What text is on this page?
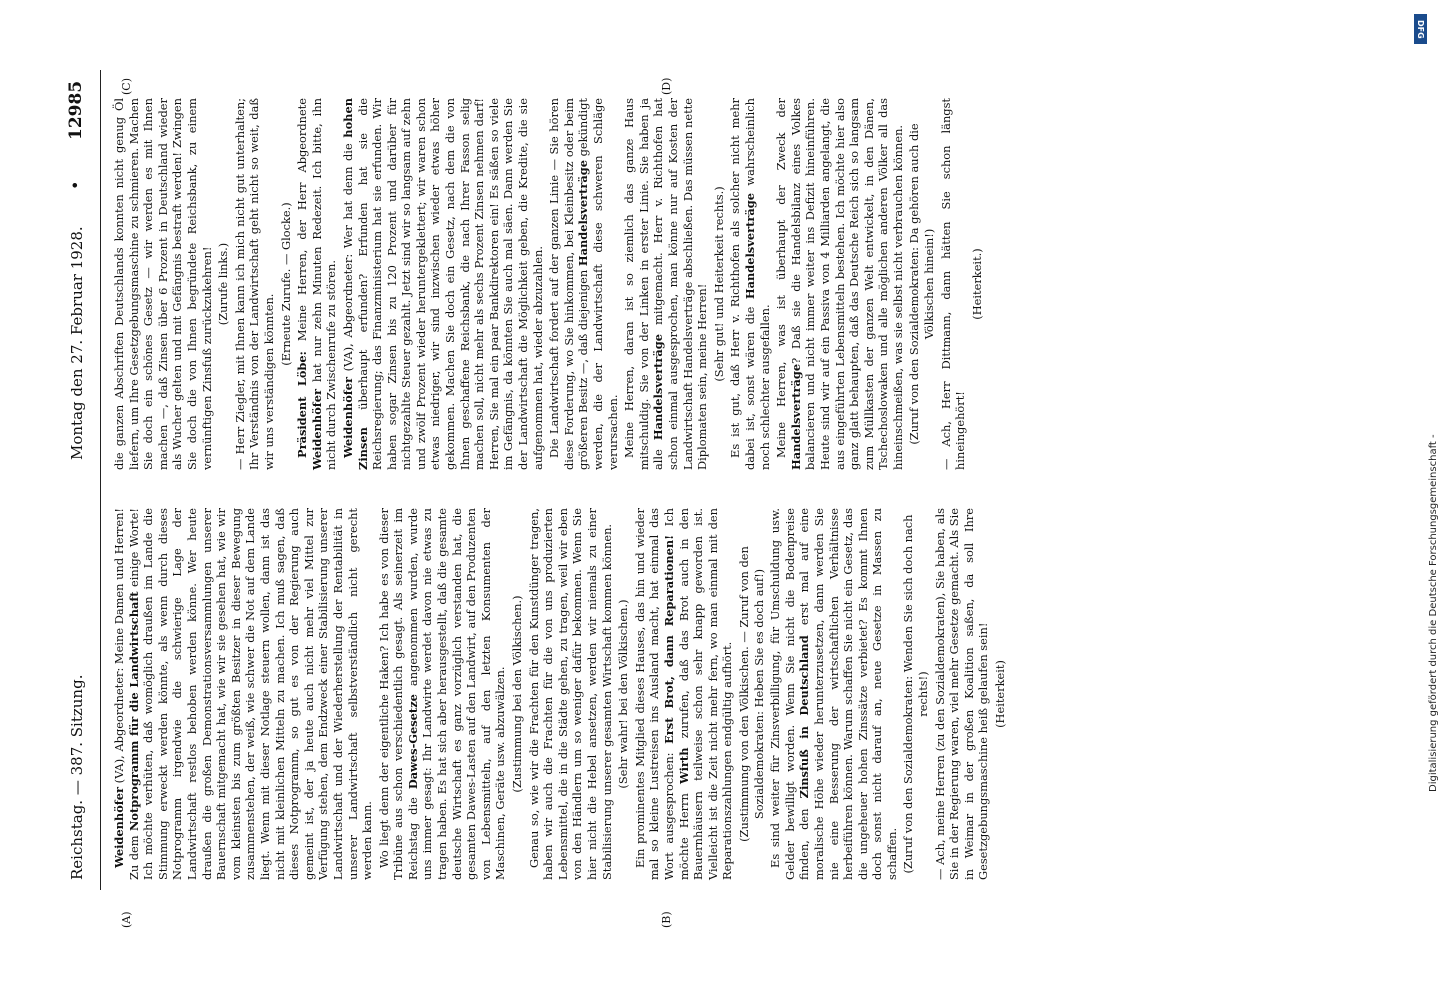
Reichstag. — 387. Sitzung.
Montag den 27. Februar 1928.
•
12985
(A)	(B)
(C)	(D)

Weidenhöfer (VA), Abgeordneter: Meine Damen und Herren! Zu dem Notprogramm für die Landwirtschaft einige Worte! Ich möchte verhüten, daß womöglich draußen im Lande die Stimmung erweckt werden könnte, als wenn durch dieses Notprogramm irgendwie die schwierige Lage der Landwirtschaft restlos behoben werden könne. Wer heute draußen die großen Demonstrationsversammlungen unserer Bauernschaft mitgemacht hat, wie wir sie gesehen hat, wie wir vom kleinsten bis zum größten Besitzer in dieser Bewegung zusammenstehen, der weiß, wie schwer die Not auf dem Lande liegt. Wenn mit dieser Notlage steuern wollen, dann ist das nicht mit kleinlichen Mitteln zu machen. Ich muß sagen, daß dieses Notprogramm, so gut es von der Regierung auch gemeint ist, der ja heute auch nicht mehr viel Mittel zur Verfügung stehen, dem Endzweck einer Stabilisierung unserer Landwirtschaft und der Wiederherstellung der Rentabilität in unserer Landwirtschaft selbstverständlich nicht gerecht werden kann. Wo liegt denn der eigentliche Haken? Ich habe es von dieser Tribüne aus schon verschiedentlich gesagt. Als seinerzeit im Reichstag die Dawes-Gesetze angenommen wurden, wurde uns immer gesagt: Ihr Landwirte werdet davon nie etwas zu tragen haben. Es hat sich aber herausgestellt, daß die gesamte deutsche Wirtschaft es ganz vorzüglich verstanden hat, die gesamten Dawes-Lasten auf den Landwirt, auf den Produzenten von Lebensmitteln, auf den letzten Konsumenten der Maschinen, Geräte usw. abzuwälzen. (Zustimmung bei den Völkischen.) Genau so, wie wir die Frachten für den Kunstdünger tragen, haben wir auch die Frachten für die von uns produzierten Lebensmittel, die in die Städte gehen, zu tragen, weil wir eben von den Händlern um so weniger dafür bekommen. Wenn Sie hier nicht die Hebel ansetzen, werden wir niemals zu einer Stabilisierung unserer gesamten Wirtschaft kommen können. (Sehr wahr! bei den Völkischen.) Ein prominentes Mitglied dieses Hauses, das hin und wieder mal so kleine Lustreisen ins Ausland macht, hat einmal das Wort ausgesprochen: Erst Brot, dann Reparationen! Ich möchte Herrn Wirth zurufen, daß das Brot auch in den Bauernhäusern teilweise schon sehr knapp geworden ist. Vielleicht ist die Zeit nicht mehr fern, wo man einmal mit den Reparationszahlungen endgültig aufhört. (Zustimmung von den Völkischen. — Zuruf von den Sozialdemokraten: Heben Sie es doch auf!) Es sind weiter für Zinsverbilligung, für Umschuldung usw. Gelder bewilligt worden. Wenn Sie nicht die Bodenpreise finden, den Zinsfuß in Deutschland erst mal auf eine moralische Höhe wieder herunterzusetzen, dann werden Sie nie eine Besserung der wirtschaftlichen Verhältnisse herbeiführen können. Warum schaffen Sie nicht ein Gesetz, das die ungeheuer hohen Zinssätze verbietet? Es kommt Ihnen doch sonst nicht darauf an, neue Gesetze in Massen zu schaffen. (Zuruf von den Sozialdemokraten: Wenden Sie sich doch nach rechts!) — Ach, meine Herren (zu den Sozialdemokraten), Sie haben, als Sie in der Regierung waren, viel mehr Gesetze gemacht. Als Sie in Weimar in der großen Koalition saßen, da soll Ihre Gesetzgebungsmaschine heiß gelaufen sein! (Heiterkeit)

die ganzen Abschriften Deutschlands konnten nicht genug Öl liefern, um Ihre Gesetzgebungsmaschine zu schmieren. Machen Sie doch ein schönes Gesetz — wir werden es mit Ihnen machen —, daß Zinsen über 6 Prozent in Deutschland wieder als Wucher gelten und mit Gefängnis bestraft werden! Zwingen Sie doch die von Ihnen begründete Reichsbank, zu einem vernünftigen Zinsfuß zurückzukehren! (Zurufe links.) — Herr Ziegler, mit Ihnen kann ich mich nicht gut unterhalten; Ihr Verständnis von der Landwirtschaft geht nicht so weit, daß wir uns verständigen könnten.

(Erneute Zurufe. — Glocke.)

Präsident Löbe: Meine Herren, der Herr Abgeordnete Weidenhöfer hat nur zehn Minuten Redezeit. Ich bitte, ihn nicht durch Zwischenrufe zu stören. Weidenhöfer (VA), Abgeordneter: Wer hat denn die hohen Zinsen überhaupt erfunden? Erfunden hat sie die Reichsregierung; das Finanzministerium hat sie erfunden. Wir haben sogar Zinsen bis zu 120 Prozent und darüber für nichtgezahlte Steuer gezahlt. Jetzt sind wir so langsam auf zehn und zwölf Prozent wieder heruntergeklettert; wir waren schon etwas niedriger, wir sind inzwischen wieder etwas höher gekommen. Machen Sie doch ein Gesetz, nach dem die von Ihnen geschaffene Reichsbank, die nach Ihrer Fasson selig machen soll, nicht mehr als sechs Prozent Zinsen nehmen darf! Herren, Sie mal ein paar Bankdirektoren ein! Es säßen so viele im Gefängnis, da könnten Sie auch mal säen. Dann werden Sie der Landwirtschaft die Möglichkeit geben, die Kredite, die sie aufgenommen hat, wieder abzuzahlen. Die Landwirtschaft fordert auf der ganzen Linie — Sie hören diese Forderung, wo Sie hinkommen, bei Kleinbesitz oder beim größeren Besitz —, daß diejenigen Handelsverträge gekündigt werden, die der Landwirtschaft diese schweren Schläge verursachen. Meine Herren, daran ist so ziemlich das ganze Haus mitschuldig. Sie von der Linken in erster Linie. Sie haben ja alle Handelsverträge mitgemacht. Herr v. Richthofen hat schon einmal ausgesprochen, man könne nur auf Kosten der Landwirtschaft Handelsverträge abschließen. Das müssen nette Diplomaten sein, meine Herren! (Sehr gut! und Heiterkeit rechts.) Es ist gut, daß Herr v. Richthofen als solcher nicht mehr dabei ist, sonst wären die Handelsverträge wahrscheinlich noch schlechter ausgefallen. Meine Herren, was ist überhaupt der Zweck der Handelsverträge? Daß sie die Handelsbilanz eines Volkes balancieren und nicht immer weiter ins Defizit hineinführen. Heute sind wir auf ein Passiva von 4 Milliarden angelangt, die aus eingeführten Lebensmitteln bestehen. Ich möchte hier also ganz glatt behaupten, daß das Deutsche Reich sich so langsam zum Müllkasten der ganzen Welt entwickelt, in den Dänen, Tschechoslowaken und alle möglichen anderen Völker all das hineinschmeißen, was sie selbst nicht verbrauchen können. (Zuruf von den Sozialdemokraten: Da gehören auch die Völkischen hinein!) — Ach, Herr Dittmann, dann hätten Sie schon längst hineingehört!

(Heiterkeit.)

DFG
Digitalisierung gefördert durch die Deutsche Forschungsgemeinschaft -
